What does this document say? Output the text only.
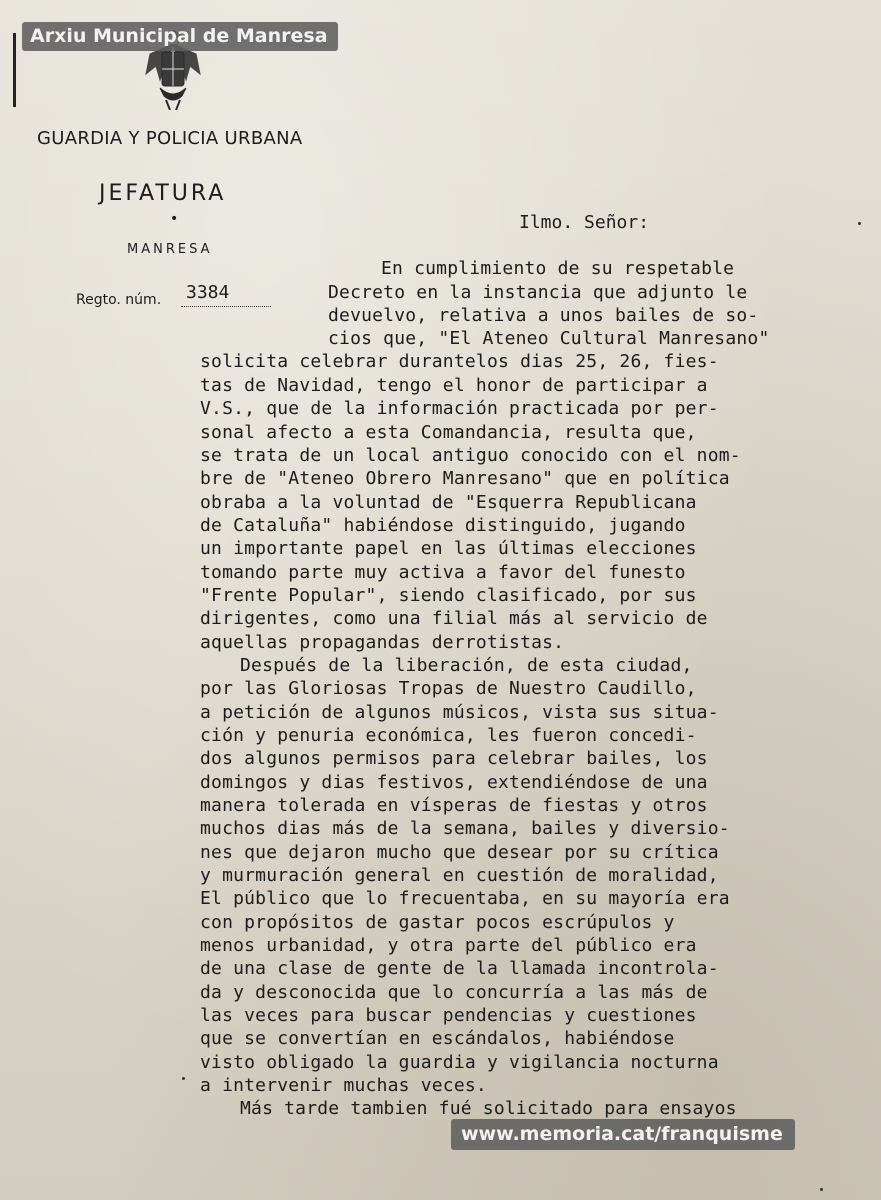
GUARDIA Y POLICIA URBANA
JEFATURA
•
MANRESA
Regto. núm. 3384
Ilmo. Señor:
En cumplimiento de su respetable
Decreto en la instancia que adjunto le
devuelvo, relativa a unos bailes de so-
cios que, "El Ateneo Cultural Manresano"
solicita celebrar durantelos dias 25, 26, fies-
tas de Navidad, tengo el honor de participar a
V.S., que de la información practicada por per-
sonal afecto a esta Comandancia, resulta que,
se trata de un local antiguo conocido con el nom-
bre de "Ateneo Obrero Manresano" que en política
obraba a la voluntad de "Esquerra Republicana
de Cataluña" habiéndose distinguido, jugando
un importante papel en las últimas elecciones
tomando parte muy activa a favor del funesto
"Frente Popular", siendo clasificado, por sus
dirigentes, como una filial más al servicio de
aquellas propagandas derrotistas.
Después de la liberación, de esta ciudad,
por las Gloriosas Tropas de Nuestro Caudillo,
a petición de algunos músicos, vista sus situa-
ción y penuria económica, les fueron concedi-
dos algunos permisos para celebrar bailes, los
domingos y dias festivos, extendiéndose de una
manera tolerada en vísperas de fiestas y otros
muchos dias más de la semana, bailes y diversio-
nes que dejaron mucho que desear por su crítica
y murmuración general en cuestión de moralidad,
El público que lo frecuentaba, en su mayoría era
con propósitos de gastar pocos escrúpulos y
menos urbanidad, y otra parte del público era
de una clase de gente de la llamada incontrola-
da y desconocida que lo concurría a las más de
las veces para buscar pendencias y cuestiones
que se convertían en escándalos, habiéndose
visto obligado la guardia y vigilancia nocturna
a intervenir muchas veces.
Más tarde tambien fué solicitado para ensayos
Arxiu Municipal de Manresa
www.memoria.cat/franquisme
